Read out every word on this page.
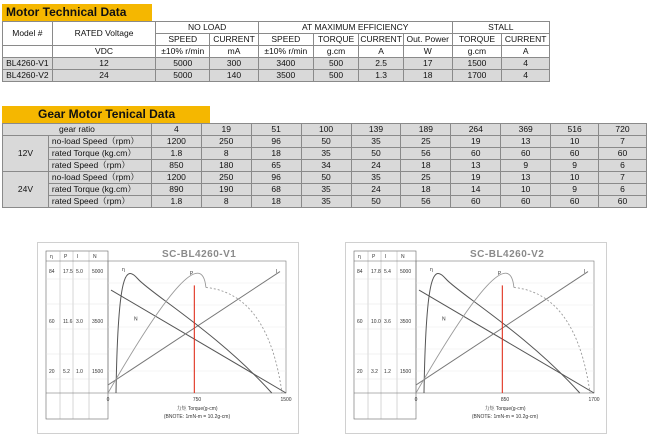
Motor Technical Data
Model #	RATED Voltage	NO LOAD		AT MAXIMUM EFFICIENCY				STALL	
		SPEED	CURRENT	SPEED	TORQUE	CURRENT	Out. Power	TORQUE	CURRENT
	VDC	±10% r/min	mA	±10% r/min	g.cm	A	W	g.cm	A
BL4260-V1	12	5000	300	3400	500	2.5	17	1500	4
BL4260-V2	24	5000	140	3500	500	1.3	18	1700	4
Gear Motor Tenical Data
gear ratio		4	19	51	100	139	189	264	369	516	720
12V	no-load Speed（rpm）	1200	250	96	50	35	25	19	13	10	7
	rated Torque (kg.cm）	1.8	8	18	35	50	56	60	60	60	60
	rated Speed（rpm）	850	180	65	34	24	18	13	9	9	6
24V	no-load Speed（rpm）	1200	250	96	50	35	25	19	13	10	7
	rated Torque (kg.cm）	890	190	68	35	24	18	14	10	9	6
	rated Speed（rpm）	1.8	8	18	35	50	56	60	60	60	60
SC-BL4260-V1
η P I	N
84 17.5 5.0 5000
60 11.6 3.0 3500
20 5.2 1.0 1500
0	750	1500
力矩 Torque(g-cm)
(BNOTE: 1mN-m = 10.2g-cm)
η
N
P	I
SC-BL4260-V2
η P I	N
84 17.8 5.4 5000
60 10.0 3.6 3500
20 3.2 1.2 1500
0	850	1700
力矩 Torque(g-cm)
(BNOTE: 1mN-m = 10.2g-cm)
η
N
P	I
